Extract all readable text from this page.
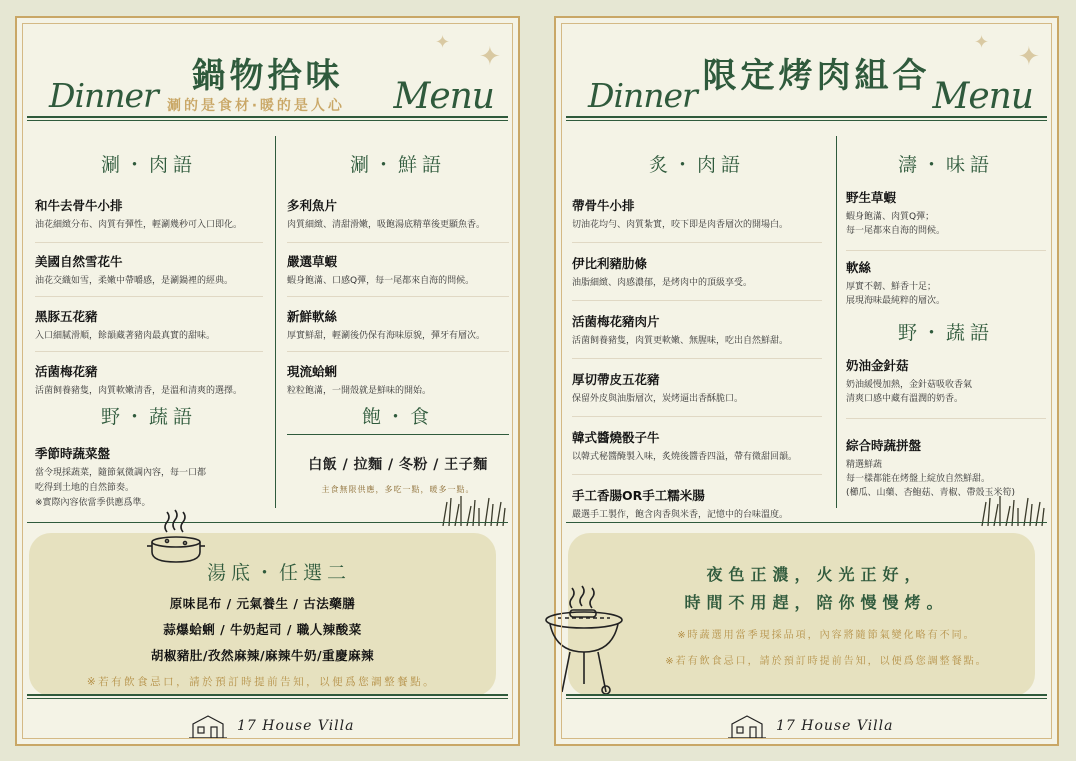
✦ ✦
鍋物拾味
Dinner 涮的是食材‧暖的是人心 Menu
涮・肉語
和牛去骨牛小排
油花細緻分布、肉質有彈性，輕涮幾秒可入口即化。
美國自然雪花牛
油花交織如雪，柔嫩中帶嚼感，是涮鍋裡的經典。
黑豚五花豬
入口細膩滑順，餘韻藏著豬肉最真實的甜味。
活菌梅花豬
活菌飼養豬隻，肉質軟嫩清香，是溫和清爽的選擇。
野・蔬語
季節時蔬菜盤
當令現採蔬菜，隨節氣微調內容，每一口都
吃得到土地的自然節奏。
※實際內容依當季供應爲準。
涮・鮮語
多利魚片
肉質細緻、清甜滑嫩，吸飽湯底精華後更顯魚香。
嚴選草蝦
蝦身飽滿、口感Q彈，每一尾都來自海的問候。
新鮮軟絲
厚實鮮甜，輕涮後仍保有海味原貌，彈牙有層次。
現流蛤蜊
粒粒飽滿，一開殼就是鮮味的開始。
飽・食
白飯 / 拉麵 / 冬粉 / 王子麵
主食無限供應，多吃一點，暖多一點。
湯底・任選二
原味昆布 / 元氣養生 / 古法藥膳
蒜爆蛤蜊 / 牛奶起司 / 職人辣酸菜
胡椒豬肚/孜然麻辣/麻辣牛奶/重慶麻辣
※若有飲食忌口，請於預訂時提前告知，以便爲您調整餐點。
17 House Villa
✦ ✦
限定烤肉組合
Dinner	Menu
炙・肉語
帶骨牛小排
切油花均勻、肉質紮實，咬下即是肉香層次的開場白。
伊比利豬肋條
油脂細緻、肉感濃郁，是烤肉中的頂級享受。
活菌梅花豬肉片
活菌飼養豬隻，肉質更軟嫩、無腥味，吃出自然鮮甜。
厚切帶皮五花豬
保留外皮與油脂層次，炭烤逼出香酥脆口。
韓式醬燒骰子牛
以韓式秘醬醃製入味，炙燒後醬香四溢，帶有微甜回韻。
手工香腸OR手工糯米腸
嚴選手工製作，飽含肉香與米香，記憶中的台味溫度。
濤・味語
野生草蝦
蝦身飽滿、肉質Q彈；
每一尾都來自海的問候。
軟絲
厚實不韌、鮮香十足；
展現海味最純粹的層次。
野・蔬語
奶油金針菇
奶油緩慢加熱，金針菇吸收香氣
清爽口感中藏有溫潤的奶香。
綜合時蔬拼盤
精選鮮蔬
每一樣都能在烤盤上綻放自然鮮甜。
(櫛瓜、山藥、杏鮑菇、青椒、帶殼玉米筍)
夜色正濃，火光正好，
時間不用趕，陪你慢慢烤。
※時蔬選用當季現採品項，內容將隨節氣變化略有不同。
※若有飲食忌口，請於預訂時提前告知，以便爲您調整餐點。
17 House Villa
